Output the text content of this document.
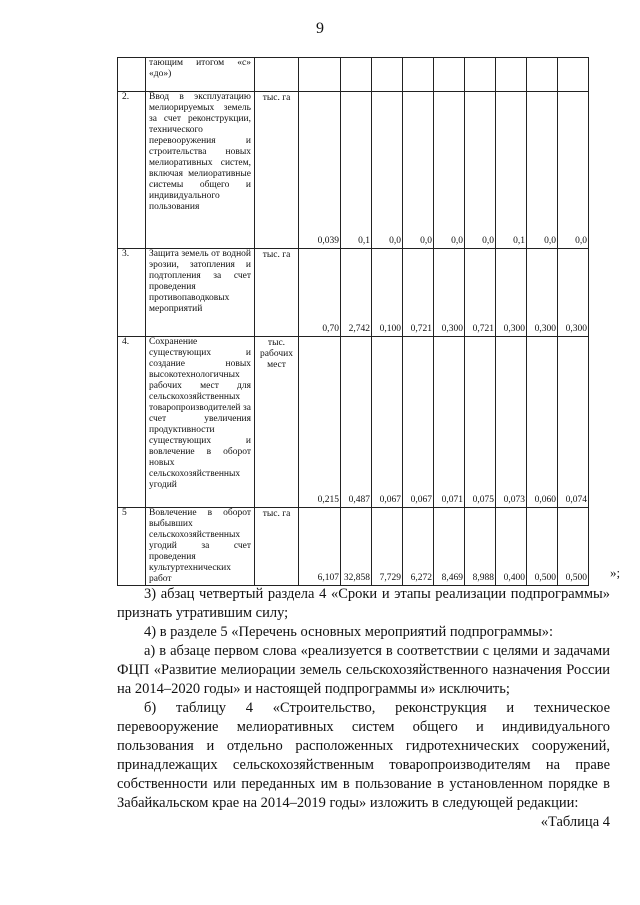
9
	тающим итогом «с» «до»)										
2.	Ввод в эксплуатацию мелиорируемых земель за счет реконструкции, технического перевооружения и строительства новых мелиоративных систем, включая мелиоративные системы общего и индивидуального пользования	тыс. га	0,039	0,1	0,0	0,0	0,0	0,0	0,1	0,0	0,0
3.	Защита земель от водной эрозии, затопления и подтопления за счет проведения противопаводковых мероприятий	тыс. га	0,70	2,742	0,100	0,721	0,300	0,721	0,300	0,300	0,300
4.	Сохранение существующих и создание новых высокотехнологичных рабочих мест для сельскохозяйственных товаропроизводителей за счет увеличения продуктивности существующих и вовлечение в оборот новых сельскохозяйственных угодий	тыс. рабочих мест	0,215	0,487	0,067	0,067	0,071	0,075	0,073	0,060	0,074
5	Вовлечение в оборот выбывших сельскохозяйственных угодий за счет проведения культуртехнических работ	тыс. га	6,107	32,858	7,729	6,272	8,469	8,988	0,400	0,500	0,500 »;
3) абзац четвертый раздела 4 «Сроки и этапы реализации подпрограммы» признать утратившим силу;
4) в разделе 5 «Перечень основных мероприятий подпрограммы»:
а) в абзаце первом слова «реализуется в соответствии с целями и задачами ФЦП «Развитие мелиорации земель сельскохозяйственного назначения России на 2014–2020 годы» и настоящей подпрограммы и» исключить;
б) таблицу 4 «Строительство, реконструкция и техническое перевооружение мелиоративных систем общего и индивидуального пользования и отдельно расположенных гидротехнических сооружений, принадлежащих сельскохозяйственным товаропроизводителям на праве собственности или переданных им в пользование в установленном порядке в Забайкальском крае на 2014–2019 годы» изложить в следующей редакции:
«Таблица 4
